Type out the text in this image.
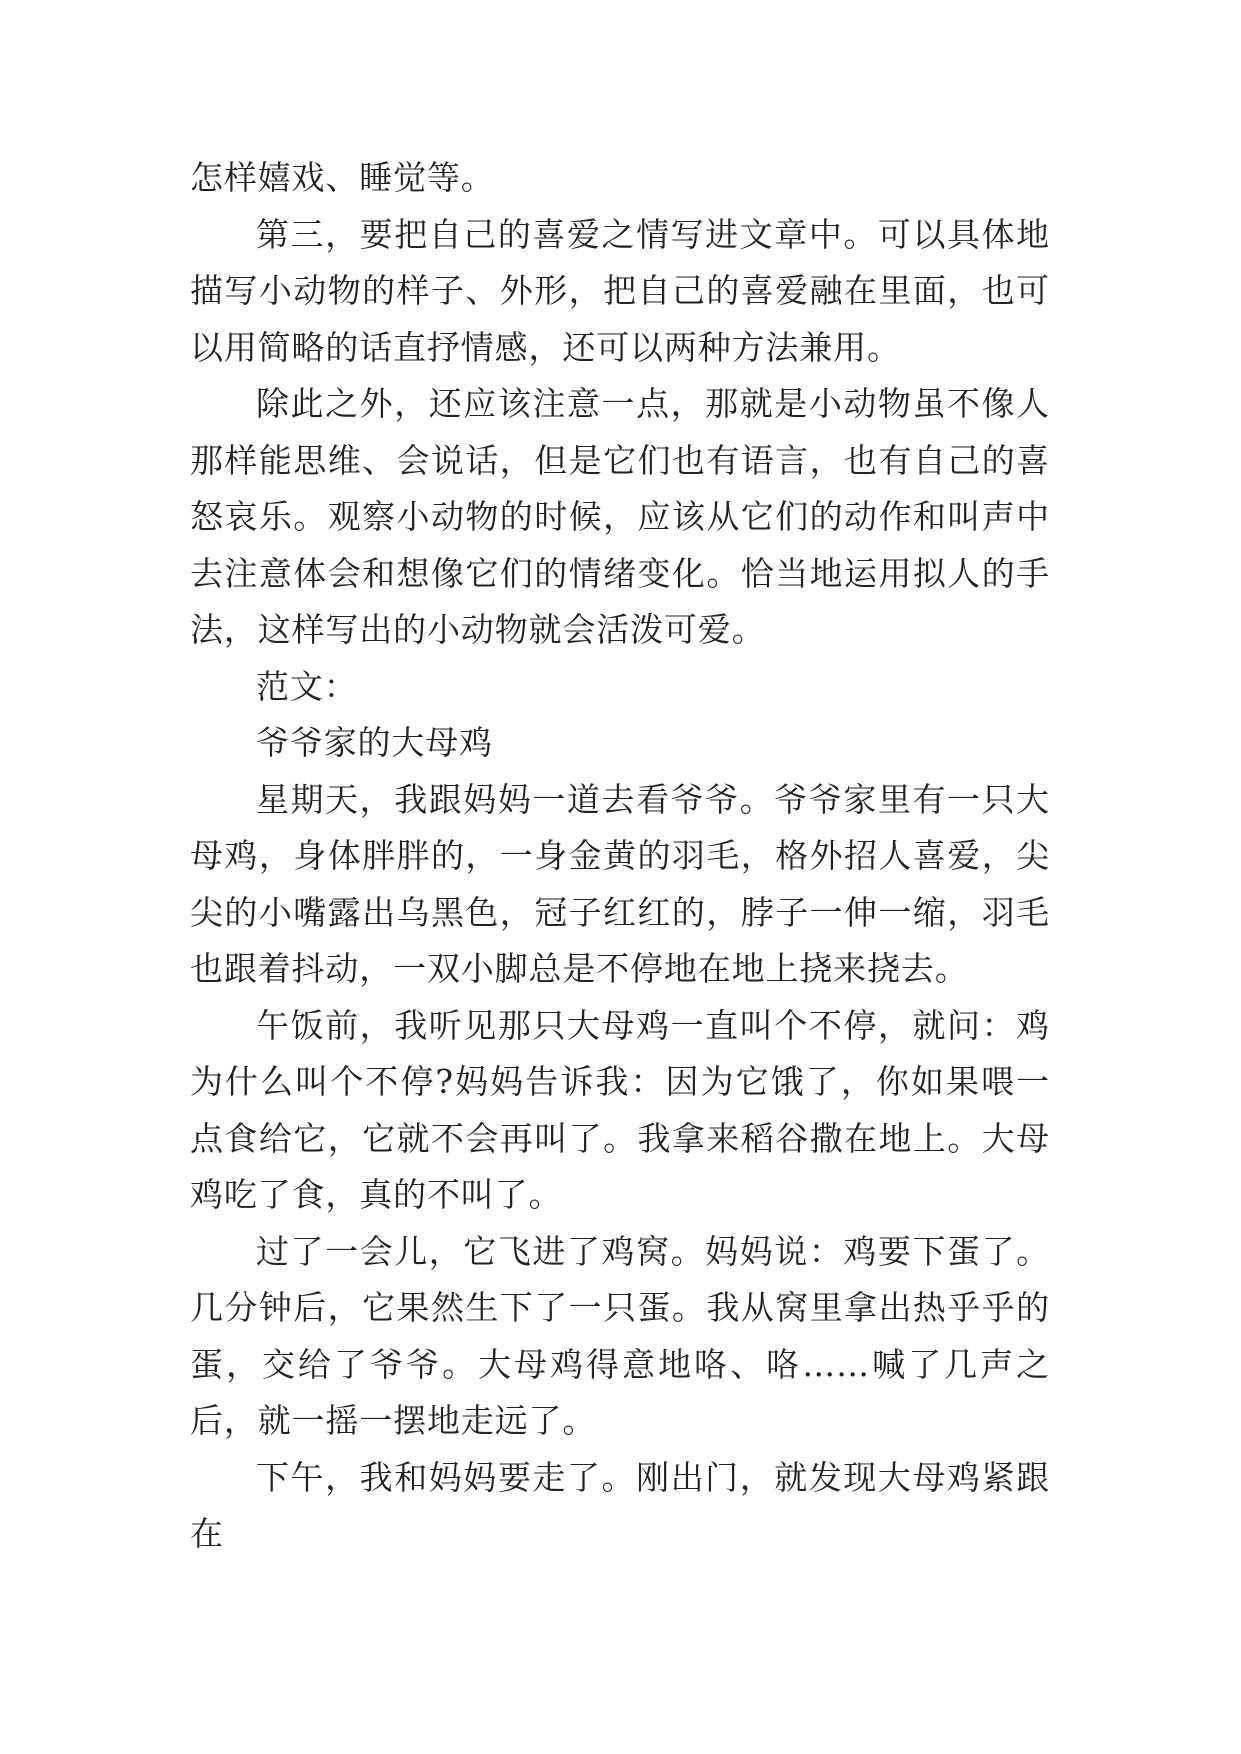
怎样嬉戏、睡觉等。

第三，要把自己的喜爱之情写进文章中。可以具体地描写小动物的样子、外形，把自己的喜爱融在里面，也可以用简略的话直抒情感，还可以两种方法兼用。

除此之外，还应该注意一点，那就是小动物虽不像人那样能思维、会说话，但是它们也有语言，也有自己的喜怒哀乐。观察小动物的时候，应该从它们的动作和叫声中去注意体会和想像它们的情绪变化。恰当地运用拟人的手法，这样写出的小动物就会活泼可爱。

范文：

爷爷家的大母鸡

星期天，我跟妈妈一道去看爷爷。爷爷家里有一只大母鸡，身体胖胖的，一身金黄的羽毛，格外招人喜爱，尖尖的小嘴露出乌黑色，冠子红红的，脖子一伸一缩，羽毛也跟着抖动，一双小脚总是不停地在地上挠来挠去。

午饭前，我听见那只大母鸡一直叫个不停，就问：鸡为什么叫个不停?妈妈告诉我：因为它饿了，你如果喂一点食给它，它就不会再叫了。我拿来稻谷撒在地上。大母鸡吃了食，真的不叫了。

过了一会儿，它飞进了鸡窝。妈妈说：鸡要下蛋了。几分钟后，它果然生下了一只蛋。我从窝里拿出热乎乎的蛋，交给了爷爷。大母鸡得意地咯、咯……喊了几声之后，就一摇一摆地走远了。

下午，我和妈妈要走了。刚出门，就发现大母鸡紧跟在
